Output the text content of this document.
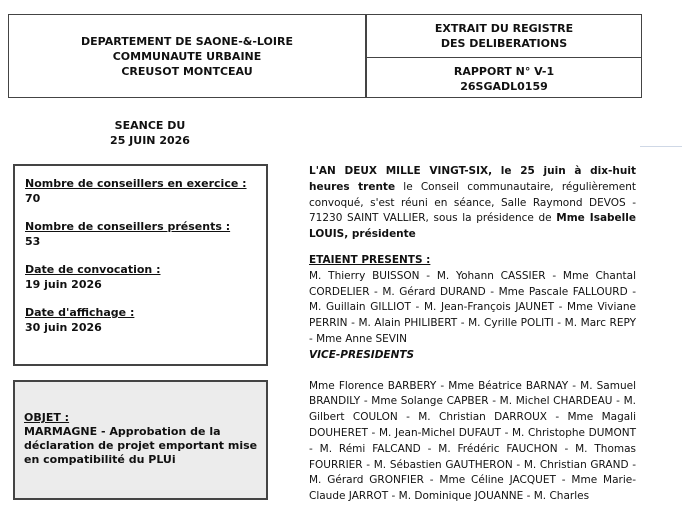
DEPARTEMENT DE SAONE-&-LOIRE
COMMUNAUTE URBAINE
CREUSOT MONTCEAU
EXTRAIT DU REGISTRE
DES DELIBERATIONS
RAPPORT N° V-1
26SGADL0159
SEANCE DU
25 JUIN 2026
Nombre de conseillers en exercice :
70
Nombre de conseillers présents :
53
Date de convocation :
19 juin 2026
Date d'affichage :
30 juin 2026
OBJET :
MARMAGNE - Approbation de la déclaration de projet emportant mise en compatibilité du PLUi

L'AN DEUX MILLE VINGT-SIX, le 25 juin à dix-huit heures trente le Conseil communautaire, régulièrement convoqué, s'est réuni en séance, Salle Raymond DEVOS - 71230 SAINT VALLIER, sous la présidence de Mme Isabelle LOUIS, présidente

ETAIENT PRESENTS :

M. Thierry BUISSON - M. Yohann CASSIER - Mme Chantal CORDELIER - M. Gérard DURAND - Mme Pascale FALLOURD - M. Guillain GILLIOT - M. Jean-François JAUNET - Mme Viviane PERRIN - M. Alain PHILIBERT - M. Cyrille POLITI - M. Marc REPY - Mme Anne SEVIN

VICE-PRESIDENTS

Mme Florence BARBERY - Mme Béatrice BARNAY - M. Samuel BRANDILY - Mme Solange CAPBER - M. Michel CHARDEAU - M. Gilbert COULON - M. Christian DARROUX - Mme Magali DOUHERET - M. Jean-Michel DUFAUT - M. Christophe DUMONT - M. Rémi FALCAND - M. Frédéric FAUCHON - M. Thomas FOURRIER - M. Sébastien GAUTHERON - M. Christian GRAND - M. Gérard GRONFIER - Mme Céline JACQUET - Mme Marie-Claude JARROT - M. Dominique JOUANNE - M. Charles
